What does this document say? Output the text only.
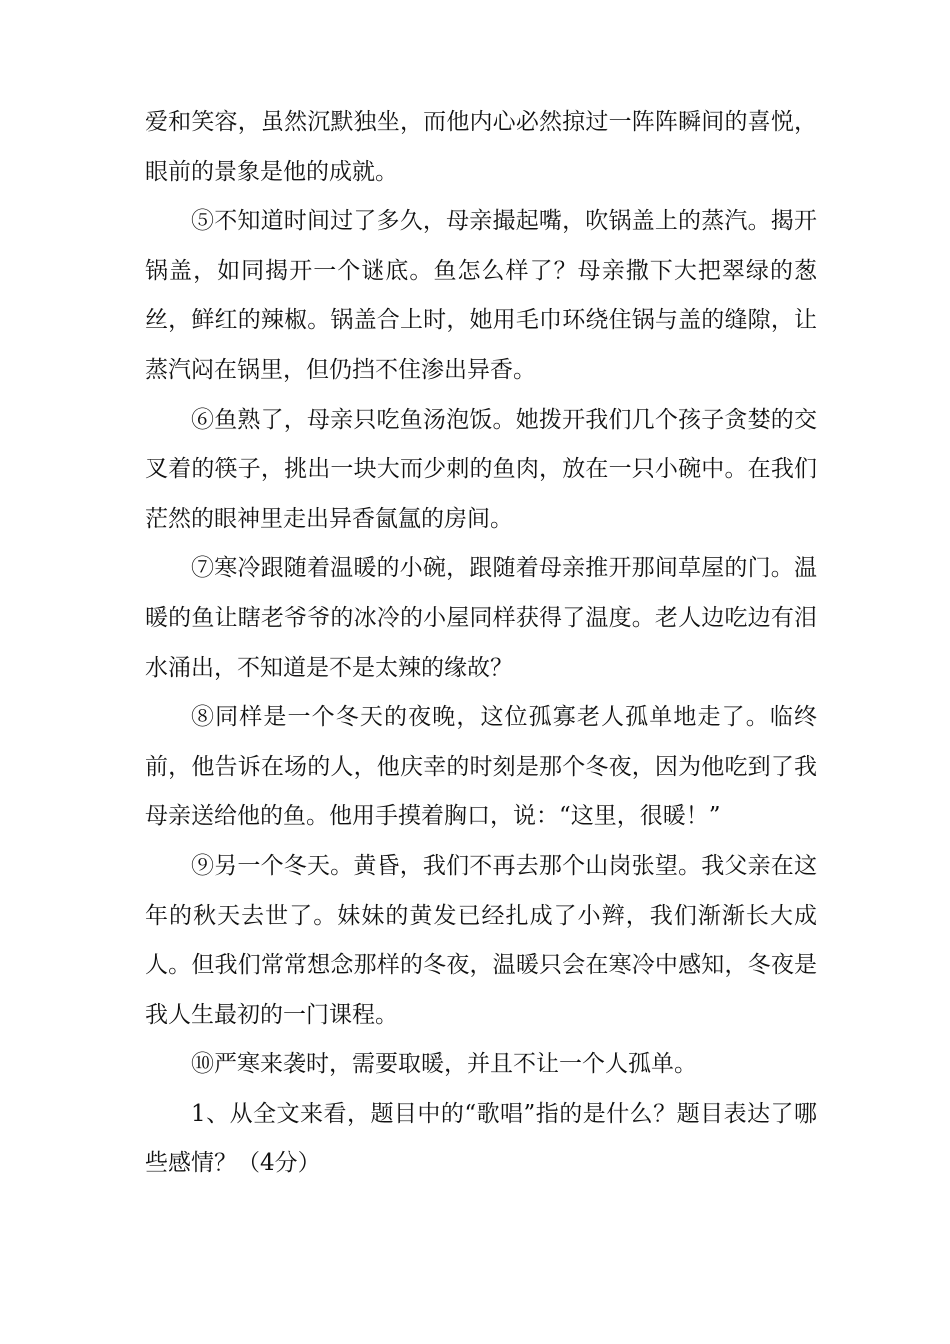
爱和笑容，虽然沉默独坐，而他内心必然掠过一阵阵瞬间的喜悦，眼前的景象是他的成就。

⑤不知道时间过了多久，母亲撮起嘴，吹锅盖上的蒸汽。揭开锅盖，如同揭开一个谜底。鱼怎么样了？母亲撒下大把翠绿的葱丝，鲜红的辣椒。锅盖合上时，她用毛巾环绕住锅与盖的缝隙，让蒸汽闷在锅里，但仍挡不住渗出异香。

⑥鱼熟了，母亲只吃鱼汤泡饭。她拨开我们几个孩子贪婪的交叉着的筷子，挑出一块大而少刺的鱼肉，放在一只小碗中。在我们茫然的眼神里走出异香氤氲的房间。

⑦寒冷跟随着温暖的小碗，跟随着母亲推开那间草屋的门。温暖的鱼让瞎老爷爷的冰冷的小屋同样获得了温度。老人边吃边有泪水涌出，不知道是不是太辣的缘故？

⑧同样是一个冬天的夜晚，这位孤寡老人孤单地走了。临终前，他告诉在场的人，他庆幸的时刻是那个冬夜，因为他吃到了我母亲送给他的鱼。他用手摸着胸口，说：“这里，很暖！”

⑨另一个冬天。黄昏，我们不再去那个山岗张望。我父亲在这年的秋天去世了。妹妹的黄发已经扎成了小辫，我们渐渐长大成人。但我们常常想念那样的冬夜，温暖只会在寒冷中感知，冬夜是我人生最初的一门课程。

⑩严寒来袭时，需要取暖，并且不让一个人孤单。

1、从全文来看，题目中的“歌唱”指的是什么？题目表达了哪些感情？（4分）
